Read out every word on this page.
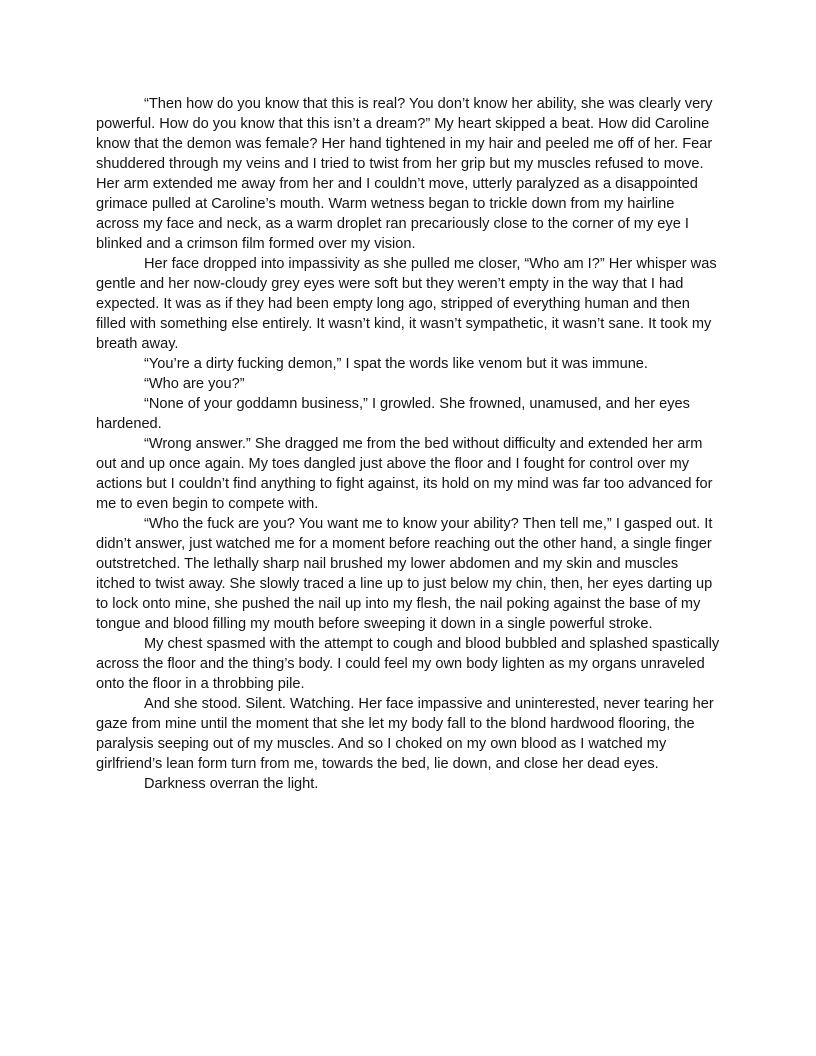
“Then how do you know that this is real? You don’t know her ability, she was clearly very powerful. How do you know that this isn’t a dream?” My heart skipped a beat. How did Caroline know that the demon was female? Her hand tightened in my hair and peeled me off of her. Fear shuddered through my veins and I tried to twist from her grip but my muscles refused to move. Her arm extended me away from her and I couldn’t move, utterly paralyzed as a disappointed grimace pulled at Caroline’s mouth. Warm wetness began to trickle down from my hairline across my face and neck, as a warm droplet ran precariously close to the corner of my eye I blinked and a crimson film formed over my vision.

Her face dropped into impassivity as she pulled me closer, “Who am I?” Her whisper was gentle and her now-cloudy grey eyes were soft but they weren’t empty in the way that I had expected. It was as if they had been empty long ago, stripped of everything human and then filled with something else entirely. It wasn’t kind, it wasn’t sympathetic, it wasn’t sane. It took my breath away.

“You’re a dirty fucking demon,” I spat the words like venom but it was immune.

“Who are you?”

“None of your goddamn business,” I growled. She frowned, unamused, and her eyes hardened.

“Wrong answer.” She dragged me from the bed without difficulty and extended her arm out and up once again. My toes dangled just above the floor and I fought for control over my actions but I couldn’t find anything to fight against, its hold on my mind was far too advanced for me to even begin to compete with.

“Who the fuck are you? You want me to know your ability? Then tell me,” I gasped out. It didn’t answer, just watched me for a moment before reaching out the other hand, a single finger outstretched. The lethally sharp nail brushed my lower abdomen and my skin and muscles itched to twist away. She slowly traced a line up to just below my chin, then, her eyes darting up to lock onto mine, she pushed the nail up into my flesh, the nail poking against the base of my tongue and blood filling my mouth before sweeping it down in a single powerful stroke.

My chest spasmed with the attempt to cough and blood bubbled and splashed spastically across the floor and the thing’s body. I could feel my own body lighten as my organs unraveled onto the floor in a throbbing pile.

And she stood. Silent. Watching. Her face impassive and uninterested, never tearing her gaze from mine until the moment that she let my body fall to the blond hardwood flooring, the paralysis seeping out of my muscles. And so I choked on my own blood as I watched my girlfriend’s lean form turn from me, towards the bed, lie down, and close her dead eyes.

Darkness overran the light.
